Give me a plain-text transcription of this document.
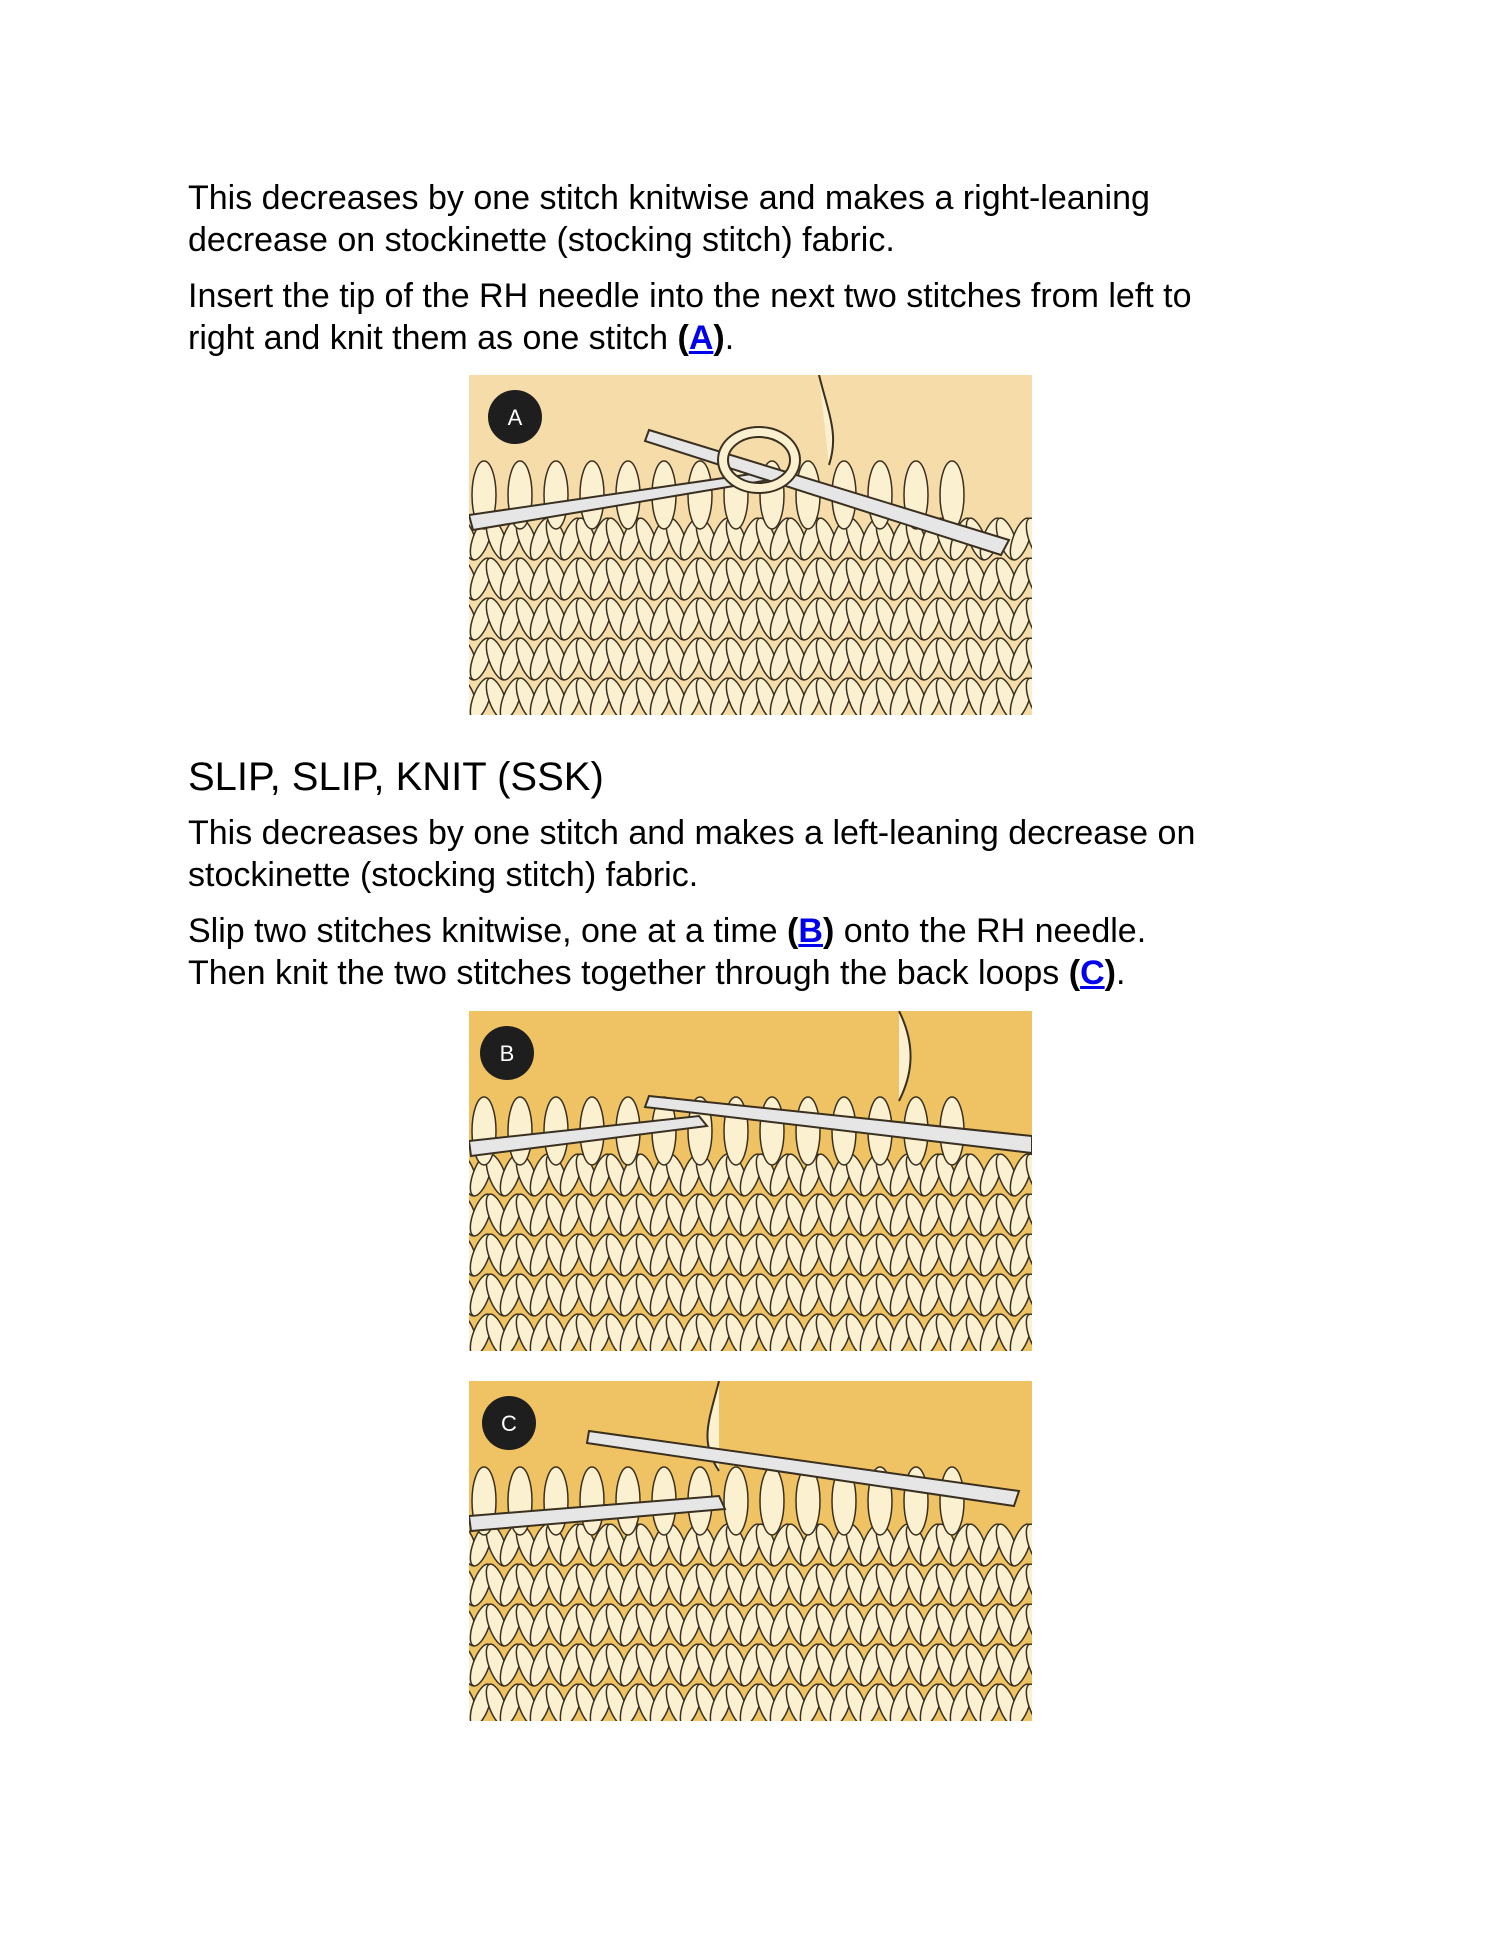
This decreases by one stitch knitwise and makes a right-leaning
decrease on stockinette (stocking stitch) fabric.

Insert the tip of the RH needle into the next two stitches from left to
right and knit them as one stitch (A).

SLIP, SLIP, KNIT (SSK)

This decreases by one stitch and makes a left-leaning decrease on
stockinette (stocking stitch) fabric.

Slip two stitches knitwise, one at a time (B) onto the RH needle.
Then knit the two stitches together through the back loops (C).

A
B
C
